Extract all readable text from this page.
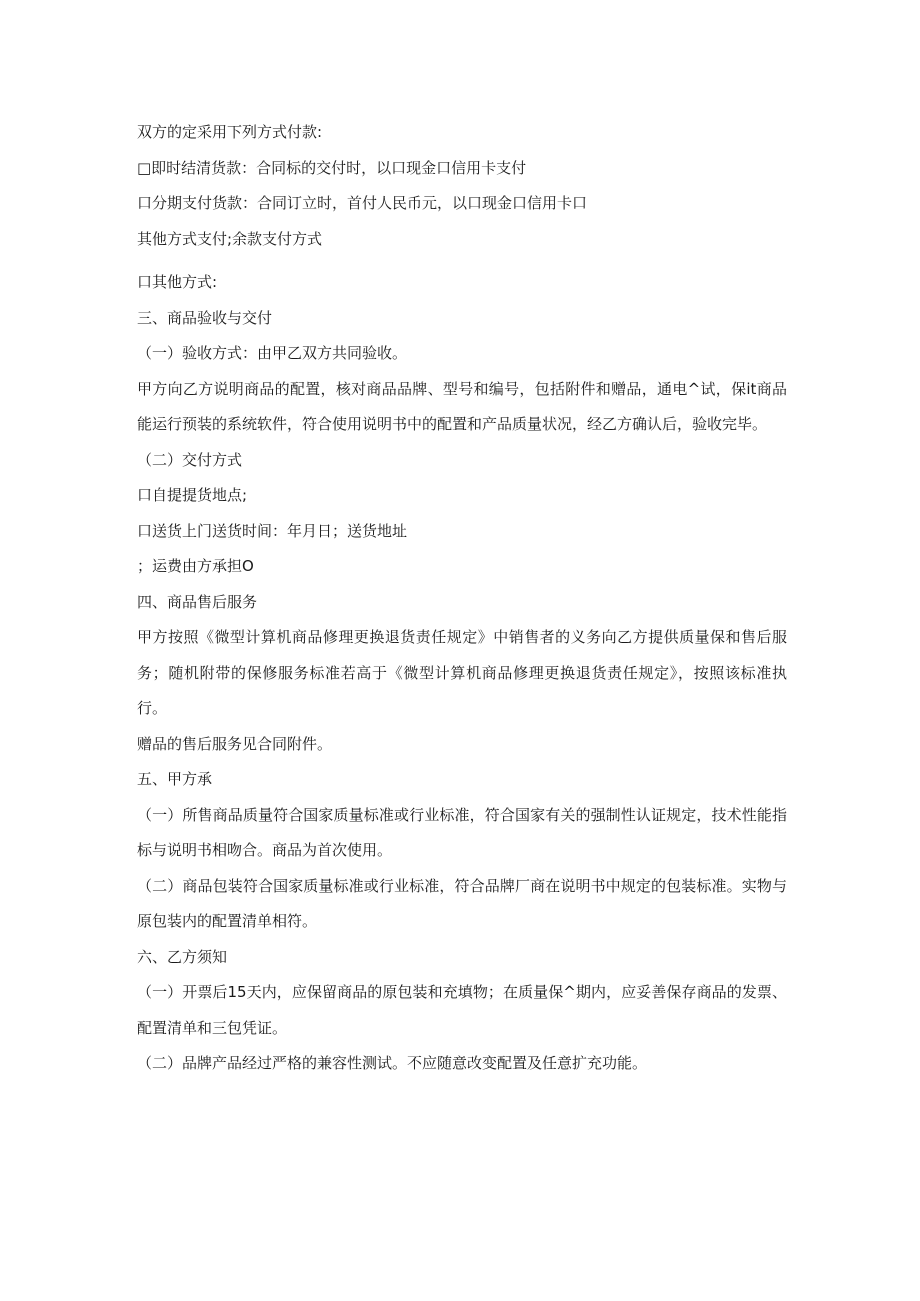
双方的定采用下列方式付款:

□即时结清货款：合同标的交付时，以口现金口信用卡支付

口分期支付货款：合同订立时，首付人民币元，以口现金口信用卡口

其他方式支付;余款支付方式

口其他方式:

三、商品验收与交付

（一）验收方式：由甲乙双方共同验收。

甲方向乙方说明商品的配置，核对商品品牌、型号和编号，包括附件和赠品，通电^试，保it商品能运行预装的系统软件，符合使用说明书中的配置和产品质量状况，经乙方确认后，验收完毕。

（二）交付方式

口自提提货地点;

口送货上门送货时间：年月日；送货地址

；运费由方承担O

四、商品售后服务

甲方按照《微型计算机商品修理更换退货责任规定》中销售者的义务向乙方提供质量保和售后服务；随机附带的保修服务标准若高于《微型计算机商品修理更换退货责任规定》，按照该标准执行。

赠品的售后服务见合同附件。

五、甲方承

（一）所售商品质量符合国家质量标准或行业标准，符合国家有关的强制性认证规定，技术性能指标与说明书相吻合。商品为首次使用。

（二）商品包装符合国家质量标准或行业标准，符合品牌厂商在说明书中规定的包装标准。实物与原包装内的配置清单相符。

六、乙方须知

（一）开票后15天内，应保留商品的原包装和充填物；在质量保^期内，应妥善保存商品的发票、配置清单和三包凭证。

（二）品牌产品经过严格的兼容性测试。不应随意改变配置及任意扩充功能。
